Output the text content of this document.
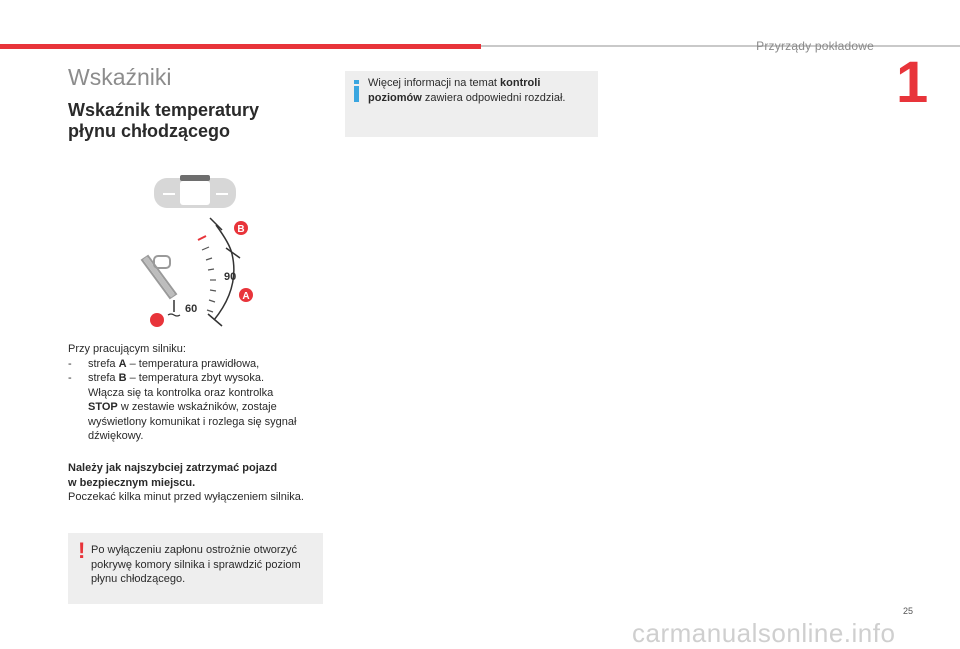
Przyrządy pokładowe
1
Wskaźniki
Wskaźnik temperatury
płynu chłodzącego
B
A
90
60
Przy pracującym silniku:
- strefa A – temperatura prawidłowa,
- strefa B – temperatura zbyt wysoka.
Włącza się ta kontrolka oraz kontrolka
STOP w zestawie wskaźników, zostaje wyświetlony komunikat i rozlega się sygnał dźwiękowy.
Należy jak najszybciej zatrzymać pojazd
w bezpiecznym miejscu.
Poczekać kilka minut przed wyłączeniem silnika.
! Po wyłączeniu zapłonu ostrożnie otworzyć pokrywę komory silnika i sprawdzić poziom płynu chłodzącego.
Więcej informacji na temat kontroli poziomów zawiera odpowiedni rozdział.
25
carmanualsonline.info
